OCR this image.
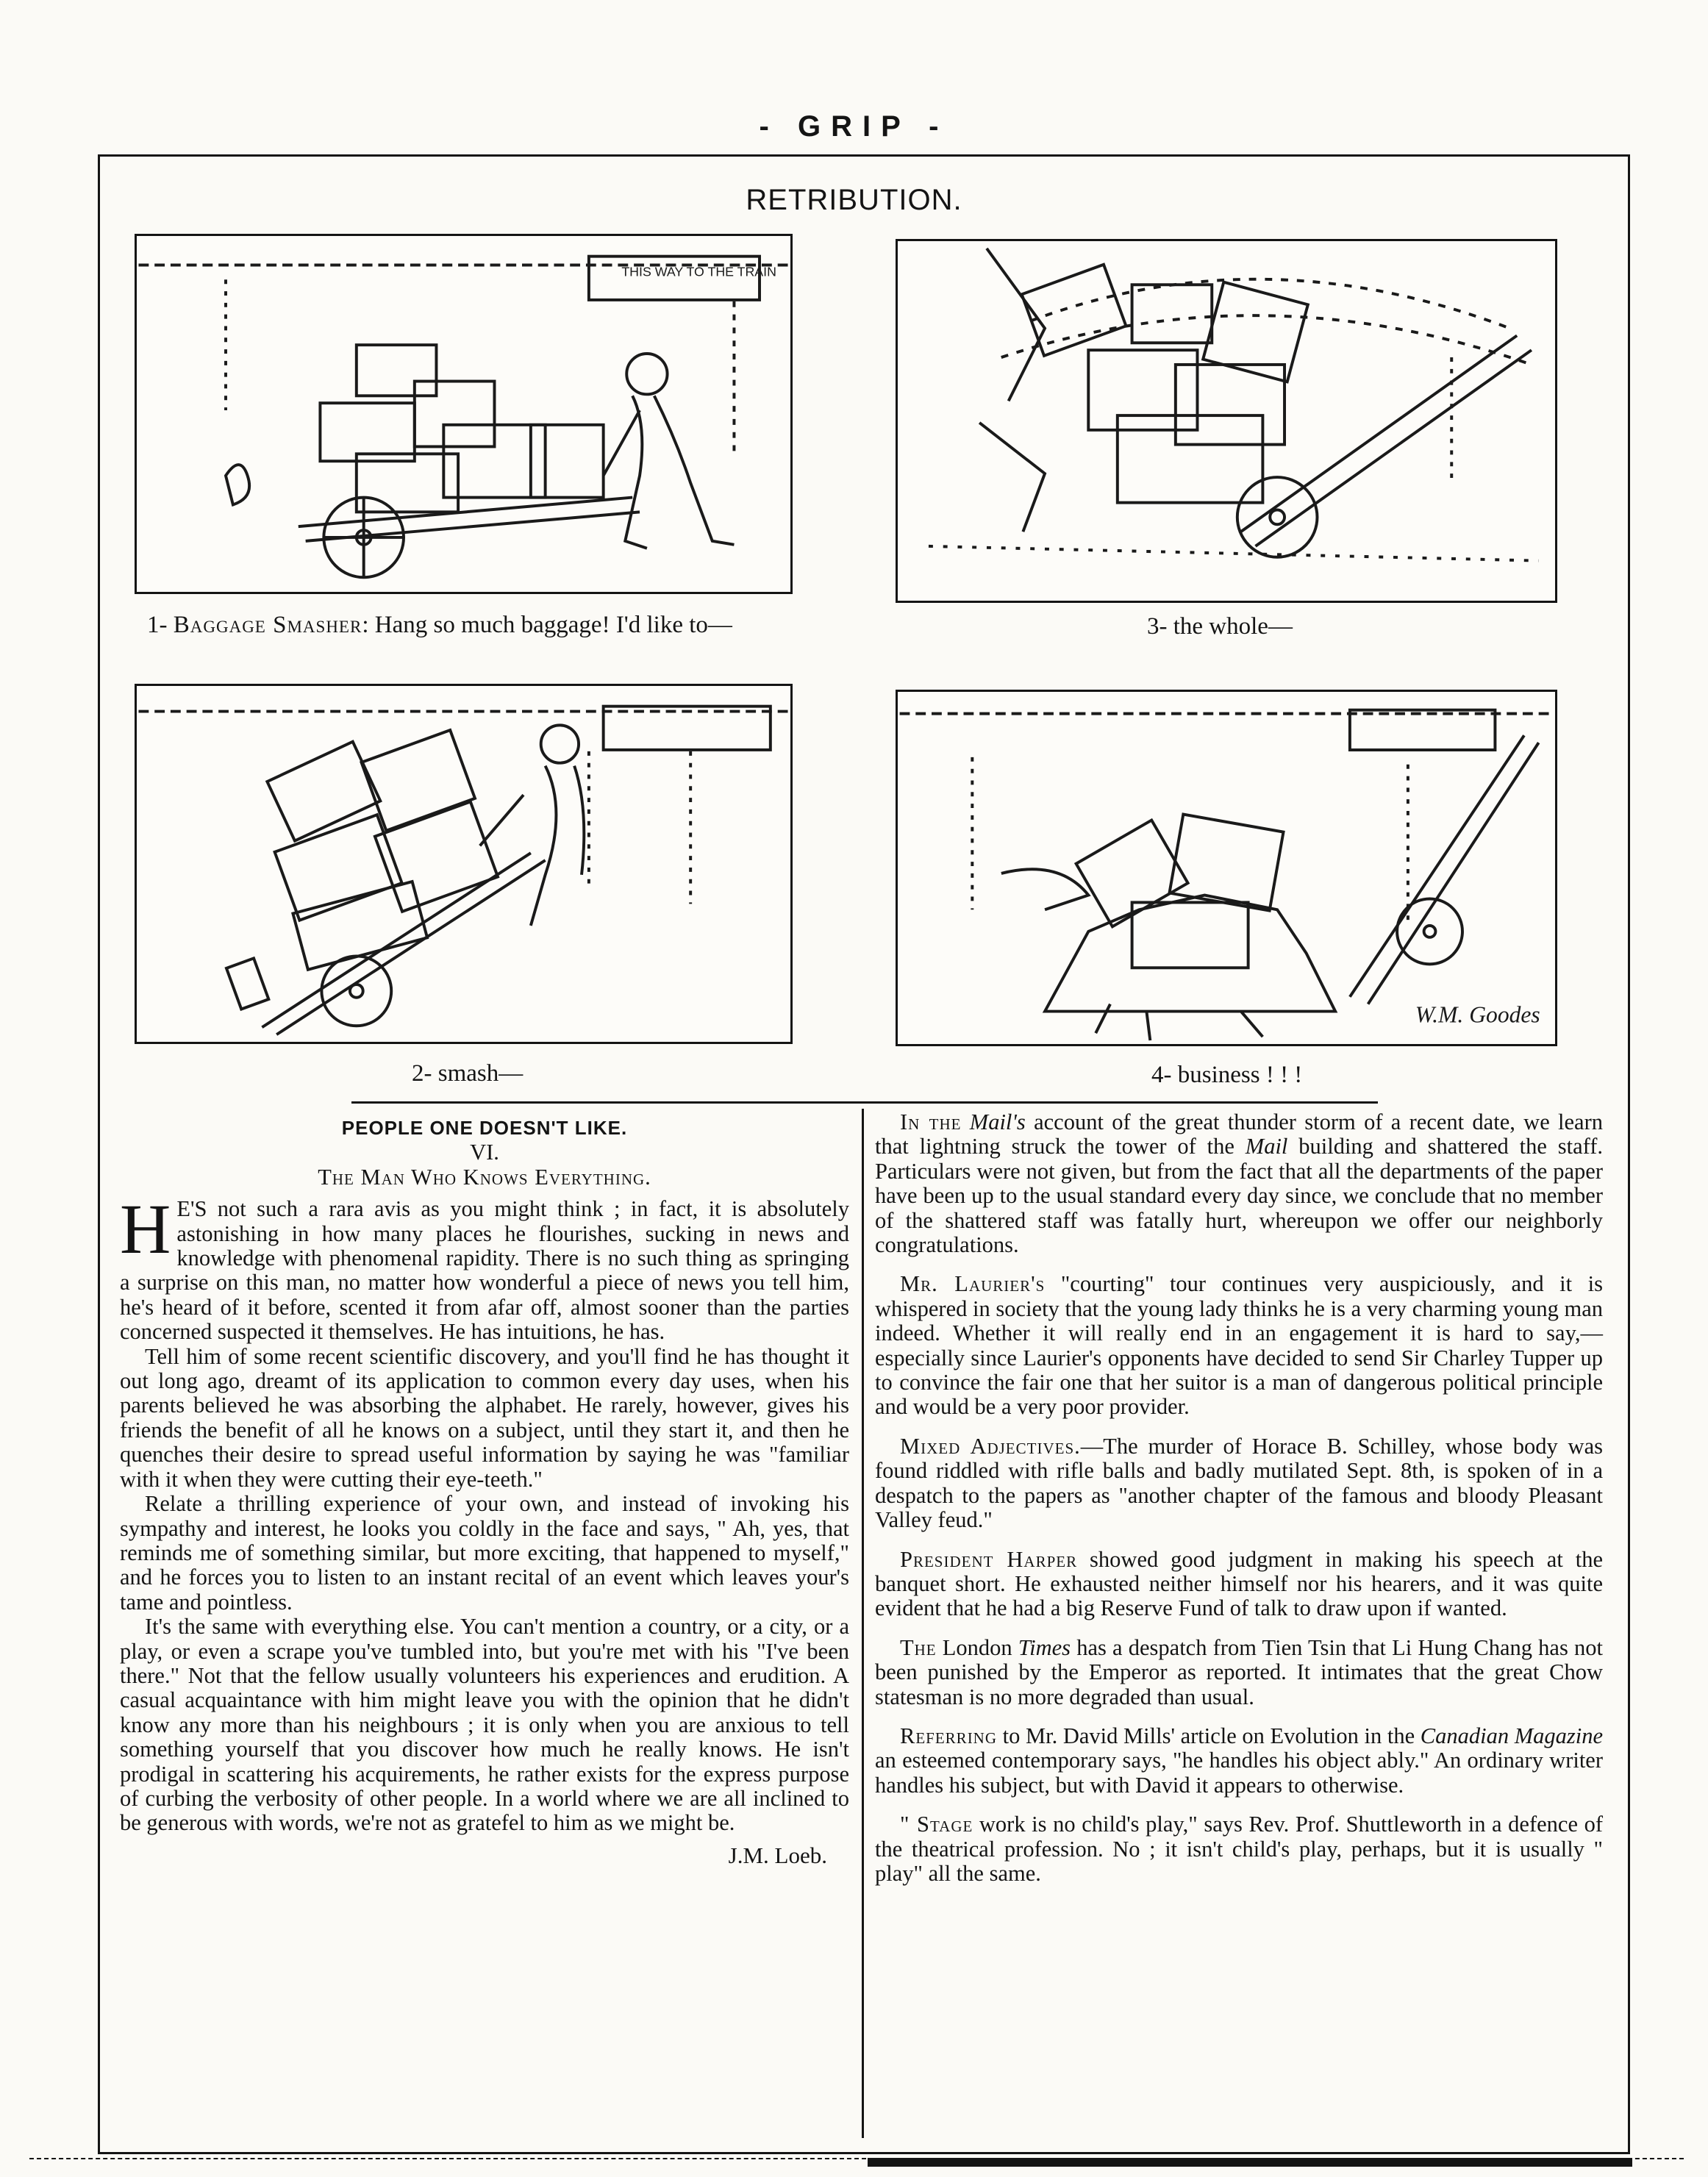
- GRIP -
RETRIBUTION.
THIS WAY TO THE TRAIN
1- Baggage Smasher: Hang so much baggage! I'd like to—	3- the whole—
W.M. Goodes
2- smash—	4- business ! ! !
PEOPLE ONE DOESN'T LIKE.

VI.

The Man Who Knows Everything.

H E'S not such a rara avis as you might think ; in fact, it is absolutely astonishing in how many places he flourishes, sucking in news and knowledge with phenomenal rapidity. There is no such thing as springing a surprise on this man, no matter how wonderful a piece of news you tell him, he's heard of it before, scented it from afar off, almost sooner than the parties concerned suspected it themselves. He has intuitions, he has.

Tell him of some recent scientific discovery, and you'll find he has thought it out long ago, dreamt of its application to common every day uses, when his parents believed he was absorbing the alphabet. He rarely, however, gives his friends the benefit of all he knows on a subject, until they start it, and then he quenches their desire to spread useful information by saying he was "familiar with it when they were cutting their eye-teeth."

Relate a thrilling experience of your own, and instead of invoking his sympathy and interest, he looks you coldly in the face and says, " Ah, yes, that reminds me of something similar, but more exciting, that happened to myself," and he forces you to listen to an instant recital of an event which leaves your's tame and pointless.

It's the same with everything else. You can't mention a country, or a city, or a play, or even a scrape you've tumbled into, but you're met with his "I've been there." Not that the fellow usually volunteers his experiences and erudition. A casual acquaintance with him might leave you with the opinion that he didn't know any more than his neighbours ; it is only when you are anxious to tell something yourself that you discover how much he really knows. He isn't prodigal in scattering his acquirements, he rather exists for the express purpose of curbing the verbosity of other people. In a world where we are all inclined to be generous with words, we're not as gratefel to him as we might be.

J.M. Loeb.

In the Mail's account of the great thunder storm of a recent date, we learn that lightning struck the tower of the Mail building and shattered the staff. Particulars were not given, but from the fact that all the departments of the paper have been up to the usual standard every day since, we conclude that no member of the shattered staff was fatally hurt, whereupon we offer our neighborly congratulations.

Mr. Laurier's "courting" tour continues very auspiciously, and it is whispered in society that the young lady thinks he is a very charming young man indeed. Whether it will really end in an engagement it is hard to say,— especially since Laurier's opponents have decided to send Sir Charley Tupper up to convince the fair one that her suitor is a man of dangerous political principle and would be a very poor provider.

Mixed Adjectives.—The murder of Horace B. Schilley, whose body was found riddled with rifle balls and badly mutilated Sept. 8th, is spoken of in a despatch to the papers as "another chapter of the famous and bloody Pleasant Valley feud."

President Harper showed good judgment in making his speech at the banquet short. He exhausted neither himself nor his hearers, and it was quite evident that he had a big Reserve Fund of talk to draw upon if wanted.

The London Times has a despatch from Tien Tsin that Li Hung Chang has not been punished by the Emperor as reported. It intimates that the great Chow statesman is no more degraded than usual.

Referring to Mr. David Mills' article on Evolution in the Canadian Magazine an esteemed contemporary says, "he handles his object ably." An ordinary writer handles his subject, but with David it appears to otherwise.

" Stage work is no child's play," says Rev. Prof. Shuttleworth in a defence of the theatrical profession. No ; it isn't child's play, perhaps, but it is usually " play" all the same.
